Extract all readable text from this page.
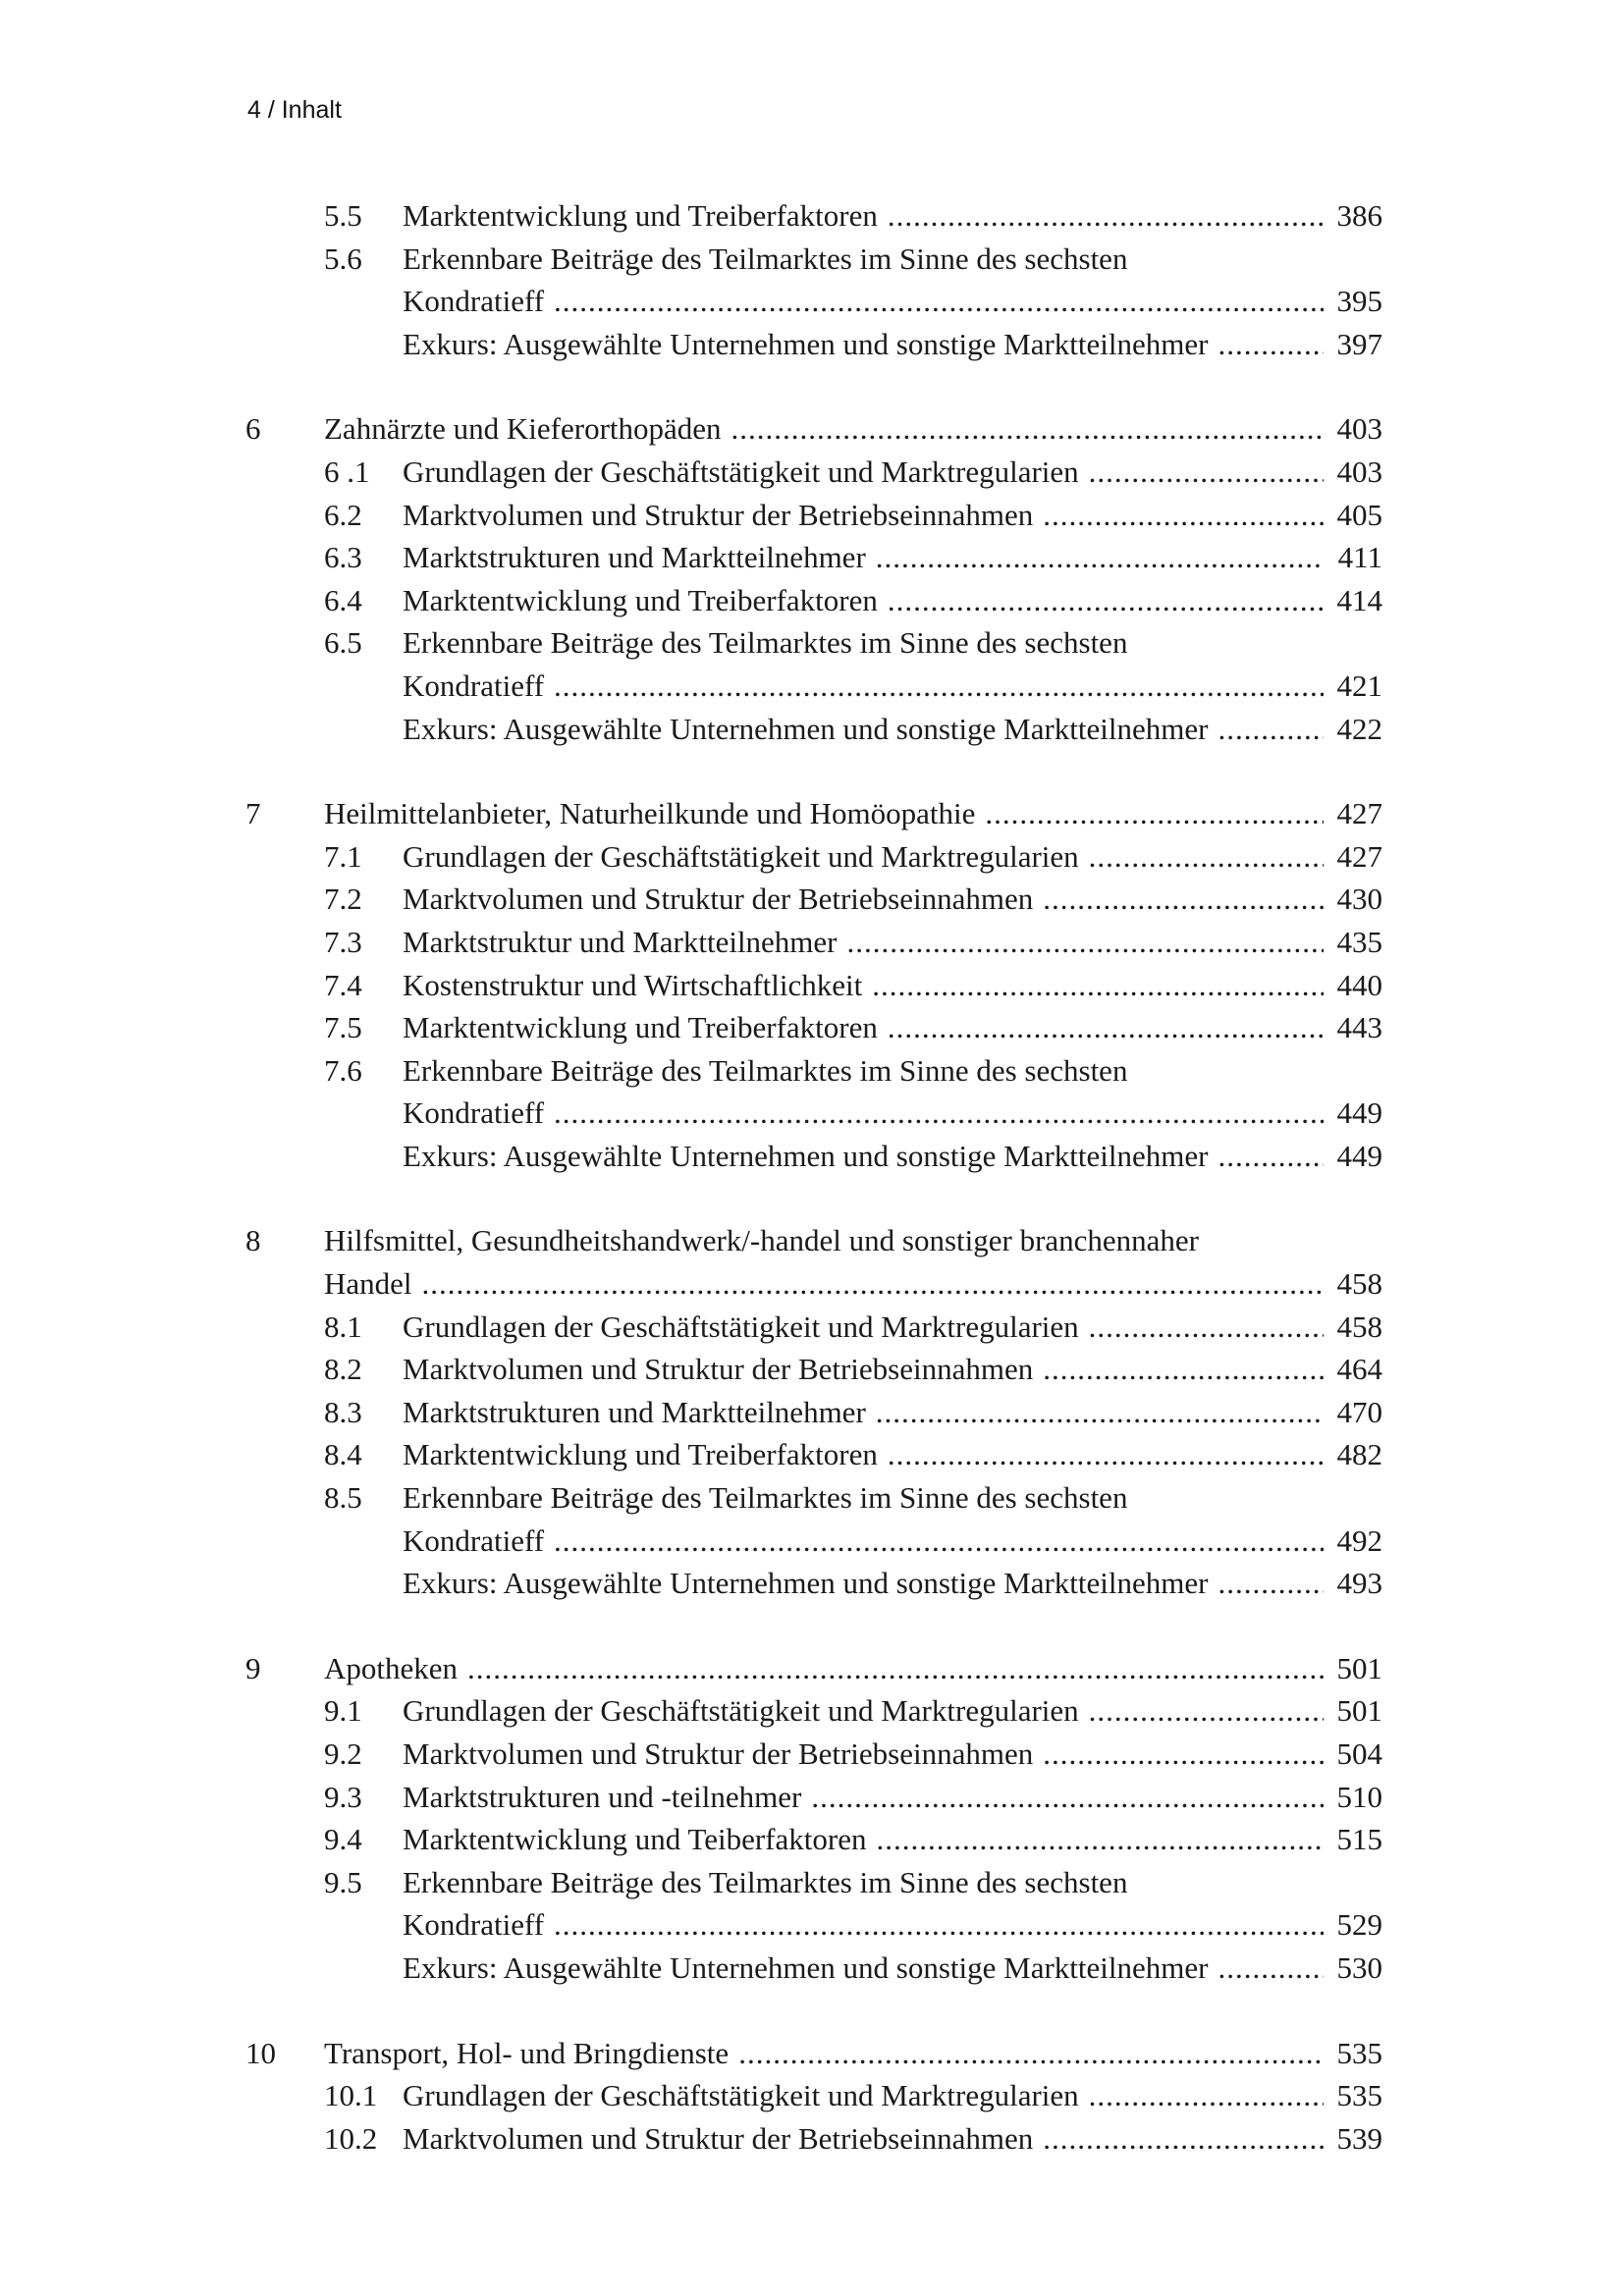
4 / Inhalt
5.5 Marktentwicklung und Treiberfaktoren .....	386
5.6 Erkennbare Beiträge des Teilmarktes im Sinne des sechsten
Kondratieff .....	395
Exkurs: Ausgewählte Unternehmen und sonstige Marktteilnehmer .....	397
6 Zahnärzte und Kieferorthopäden .....	403
6 .1 Grundlagen der Geschäftstätigkeit und Marktregularien .....	403
6.2 Marktvolumen und Struktur der Betriebseinnahmen .....	405
6.3 Marktstrukturen und Marktteilnehmer .....	411
6.4 Marktentwicklung und Treiberfaktoren .....	414
6.5 Erkennbare Beiträge des Teilmarktes im Sinne des sechsten
Kondratieff .....	421
Exkurs: Ausgewählte Unternehmen und sonstige Marktteilnehmer .....	422
7 Heilmittelanbieter, Naturheilkunde und Homöopathie .....	427
7.1 Grundlagen der Geschäftstätigkeit und Marktregularien .....	427
7.2 Marktvolumen und Struktur der Betriebseinnahmen .....	430
7.3 Marktstruktur und Marktteilnehmer .....	435
7.4 Kostenstruktur und Wirtschaftlichkeit .....	440
7.5 Marktentwicklung und Treiberfaktoren .....	443
7.6 Erkennbare Beiträge des Teilmarktes im Sinne des sechsten
Kondratieff .....	449
Exkurs: Ausgewählte Unternehmen und sonstige Marktteilnehmer .....	449
8 Hilfsmittel, Gesundheitshandwerk/-handel und sonstiger branchennaher
Handel .....	458
8.1 Grundlagen der Geschäftstätigkeit und Marktregularien .....	458
8.2 Marktvolumen und Struktur der Betriebseinnahmen .....	464
8.3 Marktstrukturen und Marktteilnehmer .....	470
8.4 Marktentwicklung und Treiberfaktoren .....	482
8.5 Erkennbare Beiträge des Teilmarktes im Sinne des sechsten
Kondratieff .....	492
Exkurs: Ausgewählte Unternehmen und sonstige Marktteilnehmer .....	493
9 Apotheken .....	501
9.1 Grundlagen der Geschäftstätigkeit und Marktregularien .....	501
9.2 Marktvolumen und Struktur der Betriebseinnahmen .....	504
9.3 Marktstrukturen und -teilnehmer .....	510
9.4 Marktentwicklung und Teiberfaktoren .....	515
9.5 Erkennbare Beiträge des Teilmarktes im Sinne des sechsten
Kondratieff .....	529
Exkurs: Ausgewählte Unternehmen und sonstige Marktteilnehmer .....	530
10 Transport, Hol- und Bringdienste .....	535
10.1 Grundlagen der Geschäftstätigkeit und Marktregularien .....	535
10.2 Marktvolumen und Struktur der Betriebseinnahmen .....	539
